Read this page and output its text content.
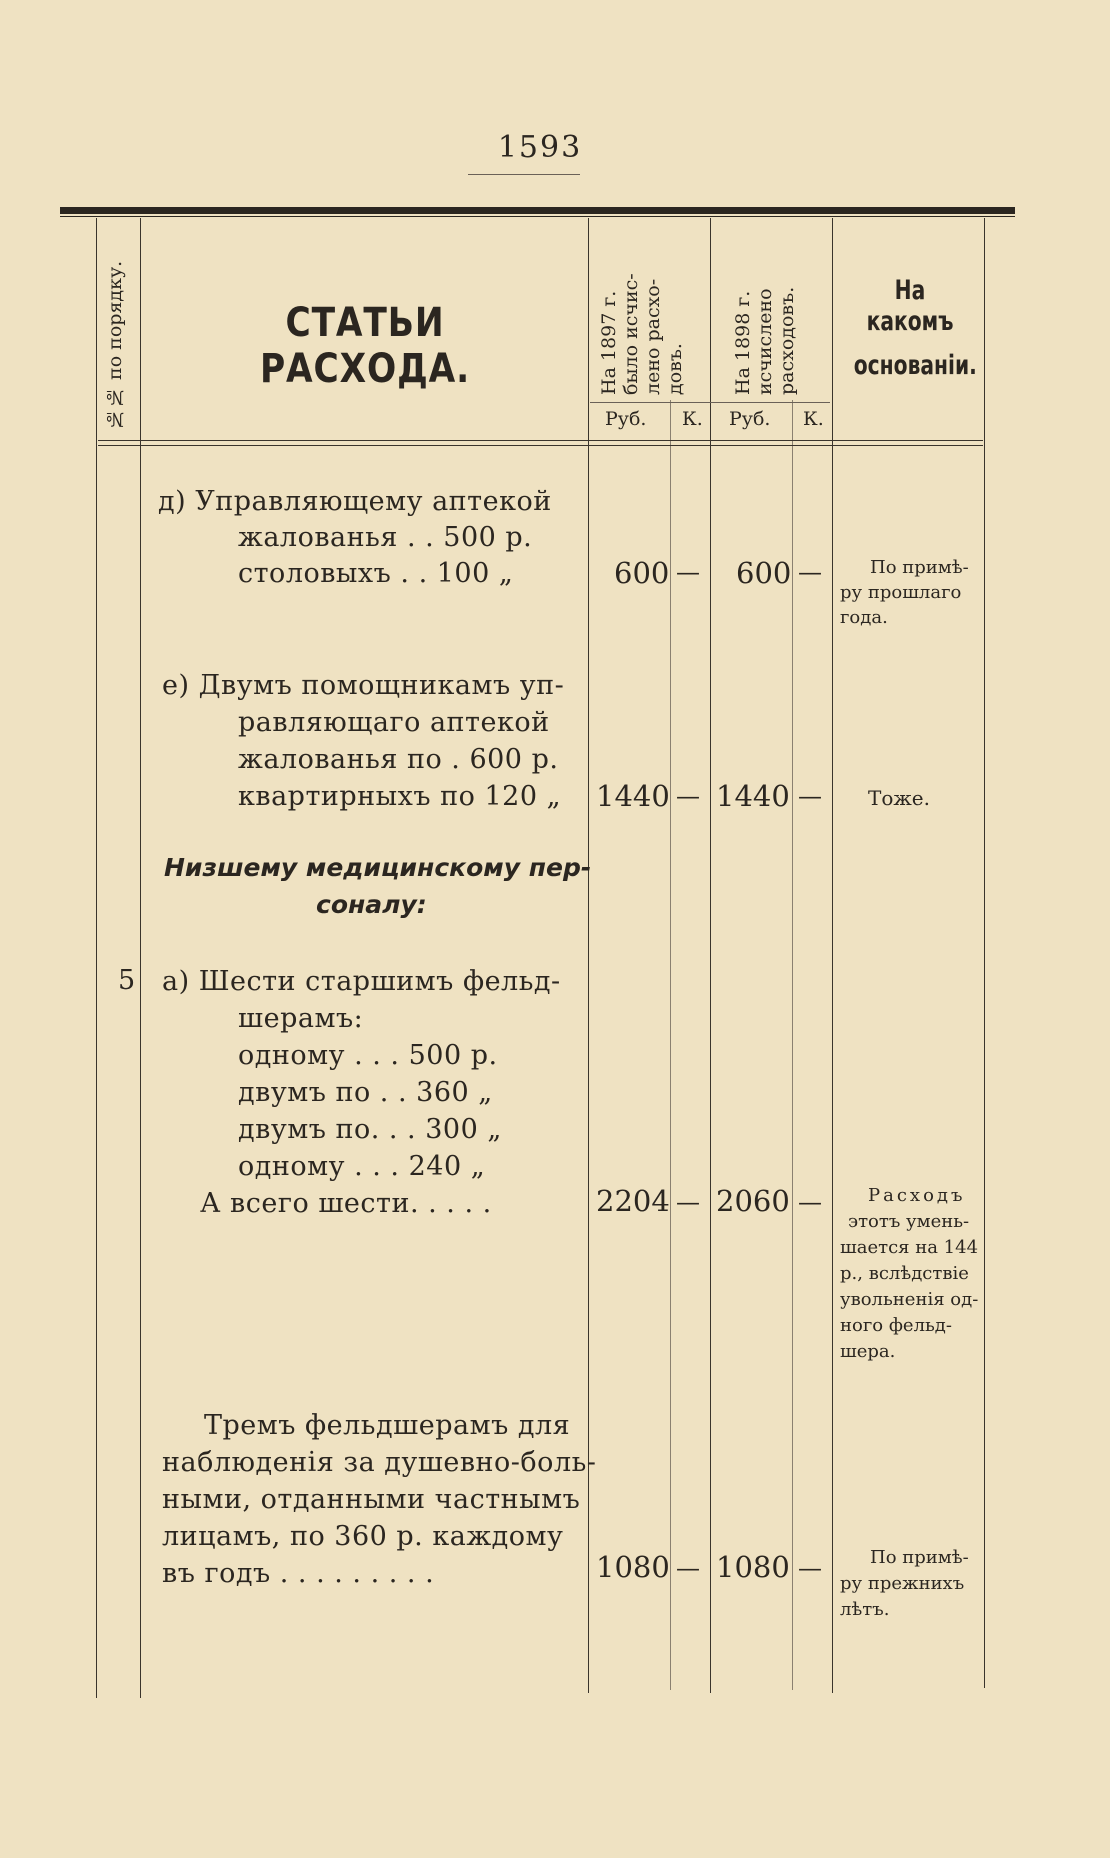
1593
№№ по порядку.	СТАТЬИ РАСХОДА.	На 1897 г. было исчис- лено расхо- довъ. На 1898 г. исчислено расходовъ.	На какомъ
основаніи.
Руб. К. Руб. К.
д) Управляющему аптекой
жалованья . . 500 р.
столовыхъ . . 100 „	600 — 600 —	По примѣ-
ру прошлаго
года.
е) Двумъ помощникамъ уп-
равляющаго аптекой
жалованья по . 600 р.
квартирныхъ по 120 „ 1440 — 1440 — Тоже.
Низшему медицинскому пер-
соналу:
5 а) Шести старшимъ фельд-
шерамъ:
одному . . . 500 р.
двумъ по . . 360 „
двумъ по. . . 300 „
одному . . . 240 „
А всего шести. . . . .	2204 — 2060 —	Расходъ
этотъ умень-
шается на 144
р., вслѣдствіе
увольненія од-
ного фельд-
шера.
Тремъ фельдшерамъ для
наблюденія за душевно-боль-
ными, отданными частнымъ
лицамъ, по 360 р. каждому
въ годъ . . . . . . . . .	1080 — 1080 —	По примѣ-
ру прежнихъ
лѣтъ.
